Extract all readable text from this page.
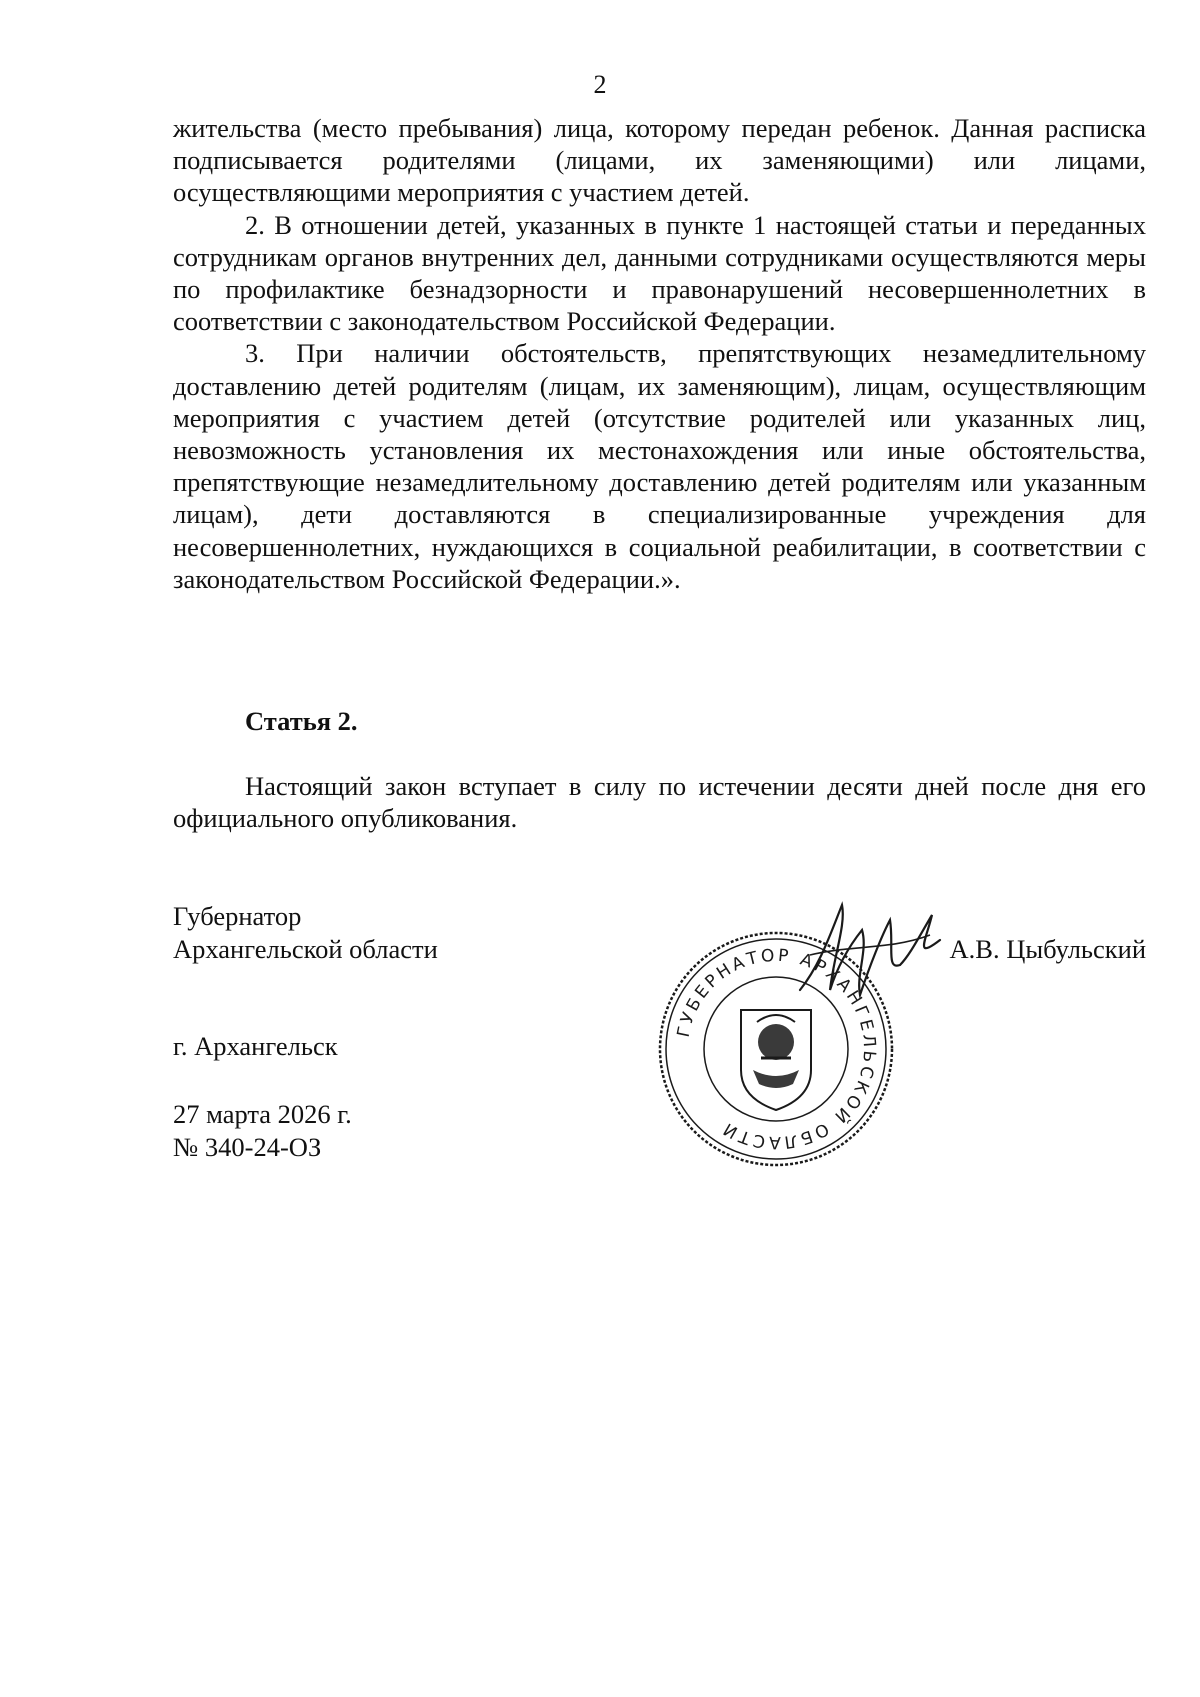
2

жительства (место пребывания) лица, которому передан ребенок. Данная расписка подписывается родителями (лицами, их заменяющими) или лицами, осуществляющими мероприятия с участием детей.

2. В отношении детей, указанных в пункте 1 настоящей статьи и переданных сотрудникам органов внутренних дел, данными сотрудниками осуществляются меры по профилактике безнадзорности и правонарушений несовершеннолетних в соответствии с законодательством Российской Федерации.

3. При наличии обстоятельств, препятствующих незамедлительному доставлению детей родителям (лицам, их заменяющим), лицам, осуществляющим мероприятия с участием детей (отсутствие родителей или указанных лиц, невозможность установления их местонахождения или иные обстоятельства, препятствующие незамедлительному доставлению детей родителям или указанным лицам), дети доставляются в специализированные учреждения для несовершеннолетних, нуждающихся в социальной реабилитации, в соответствии с законодательством Российской Федерации.».

Статья 2.

Настоящий закон вступает в силу по истечении десяти дней после дня его официального опубликования.

Губернатор
Архангельской области
ГУБЕРНАТОР АРХАНГЕЛЬСКОЙ ОБЛАСТИ
А.В. Цыбульский
г. Архангельск
27 марта 2026 г.
№ 340-24-ОЗ
